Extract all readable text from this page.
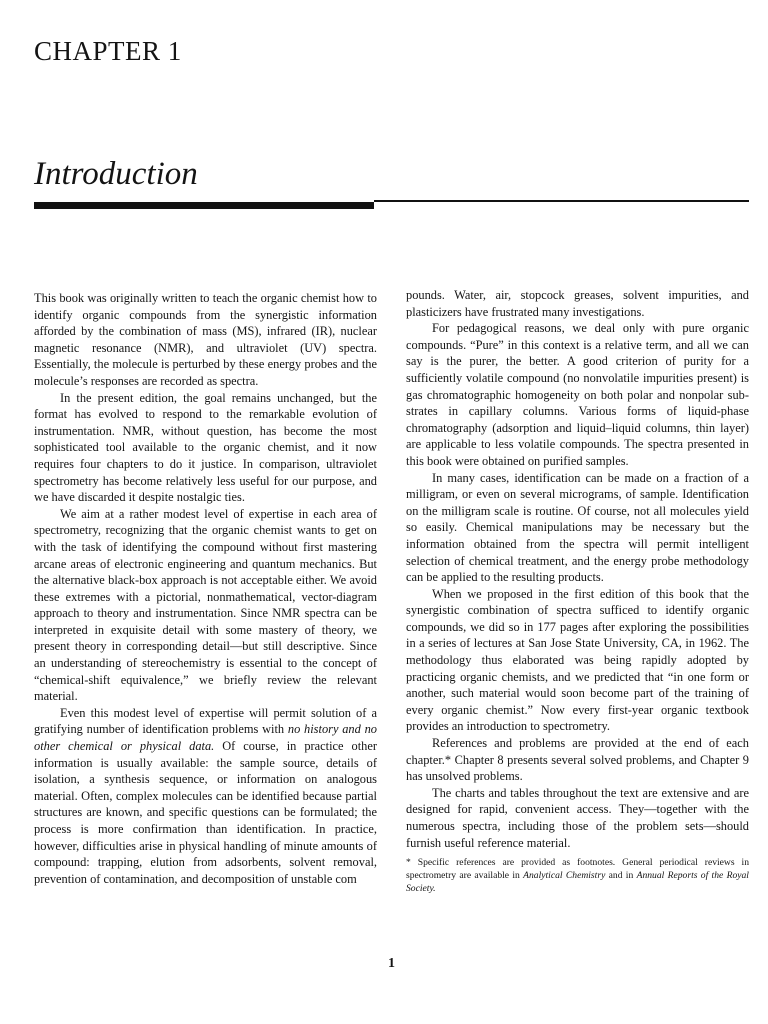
CHAPTER 1
Introduction

This book was originally written to teach the organic chemist how to identify organic compounds from the synergistic information afforded by the combination of mass (MS), infrared (IR), nuclear magnetic resonance (NMR), and ultraviolet (UV) spectra. Essentially, the molecule is perturbed by these energy probes and the molecule’s responses are recorded as spectra.

In the present edition, the goal remains unchanged, but the format has evolved to respond to the remarkable evolution of instrumentation. NMR, without question, has become the most sophisticated tool available to the organic chemist, and it now requires four chapters to do it justice. In comparison, ultraviolet spectrometry has become relatively less useful for our purpose, and we have discarded it despite nostalgic ties.

We aim at a rather modest level of expertise in each area of spectrometry, recognizing that the organic chemist wants to get on with the task of identifying the compound without first mastering arcane areas of electronic engineering and quantum mechanics. But the alternative black-box approach is not acceptable either. We avoid these extremes with a pictorial, nonmathematical, vector-diagram approach to theory and instrumentation. Since NMR spectra can be interpreted in exquisite detail with some mastery of theory, we present theory in corresponding detail—but still descriptive. Since an understanding of stereochemistry is essential to the concept of “chemical-shift equivalence,” we briefly review the relevant material.

Even this modest level of expertise will permit solution of a gratifying number of identification problems with no history and no other chemical or physical data. Of course, in practice other information is usually available: the sample source, details of isolation, a synthesis sequence, or information on analogous material. Often, complex molecules can be identified because partial structures are known, and specific questions can be formulated; the process is more confirmation than identification. In practice, however, difficulties arise in physical handling of minute amounts of compound: trapping, elution from adsorbents, solvent removal, prevention of contamination, and decomposition of unstable com

pounds. Water, air, stopcock greases, solvent impurities, and plasticizers have frustrated many investigations.

For pedagogical reasons, we deal only with pure organic compounds. “Pure” in this context is a relative term, and all we can say is the purer, the better. A good criterion of purity for a sufficiently volatile compound (no nonvolatile impurities present) is gas chromatographic homogeneity on both polar and nonpolar substrates in capillary columns. Various forms of liquid-phase chromatography (adsorption and liquid–liquid columns, thin layer) are applicable to less volatile compounds. The spectra presented in this book were obtained on purified samples.

In many cases, identification can be made on a fraction of a milligram, or even on several micrograms, of sample. Identification on the milligram scale is routine. Of course, not all molecules yield so easily. Chemical manipulations may be necessary but the information obtained from the spectra will permit intelligent selection of chemical treatment, and the energy probe methodology can be applied to the resulting products.

When we proposed in the first edition of this book that the synergistic combination of spectra sufficed to identify organic compounds, we did so in 177 pages after exploring the possibilities in a series of lectures at San Jose State University, CA, in 1962. The methodology thus elaborated was being rapidly adopted by practicing organic chemists, and we predicted that “in one form or another, such material would soon become part of the training of every organic chemist.” Now every first-year organic textbook provides an introduction to spectrometry.

References and problems are provided at the end of each chapter.* Chapter 8 presents several solved problems, and Chapter 9 has unsolved problems.

The charts and tables throughout the text are extensive and are designed for rapid, convenient access. They—together with the numerous spectra, including those of the problem sets—should furnish useful reference material.

* Specific references are provided as footnotes. General periodical reviews in spectrometry are available in Analytical Chemistry and in Annual Reports of the Royal Society.
1
